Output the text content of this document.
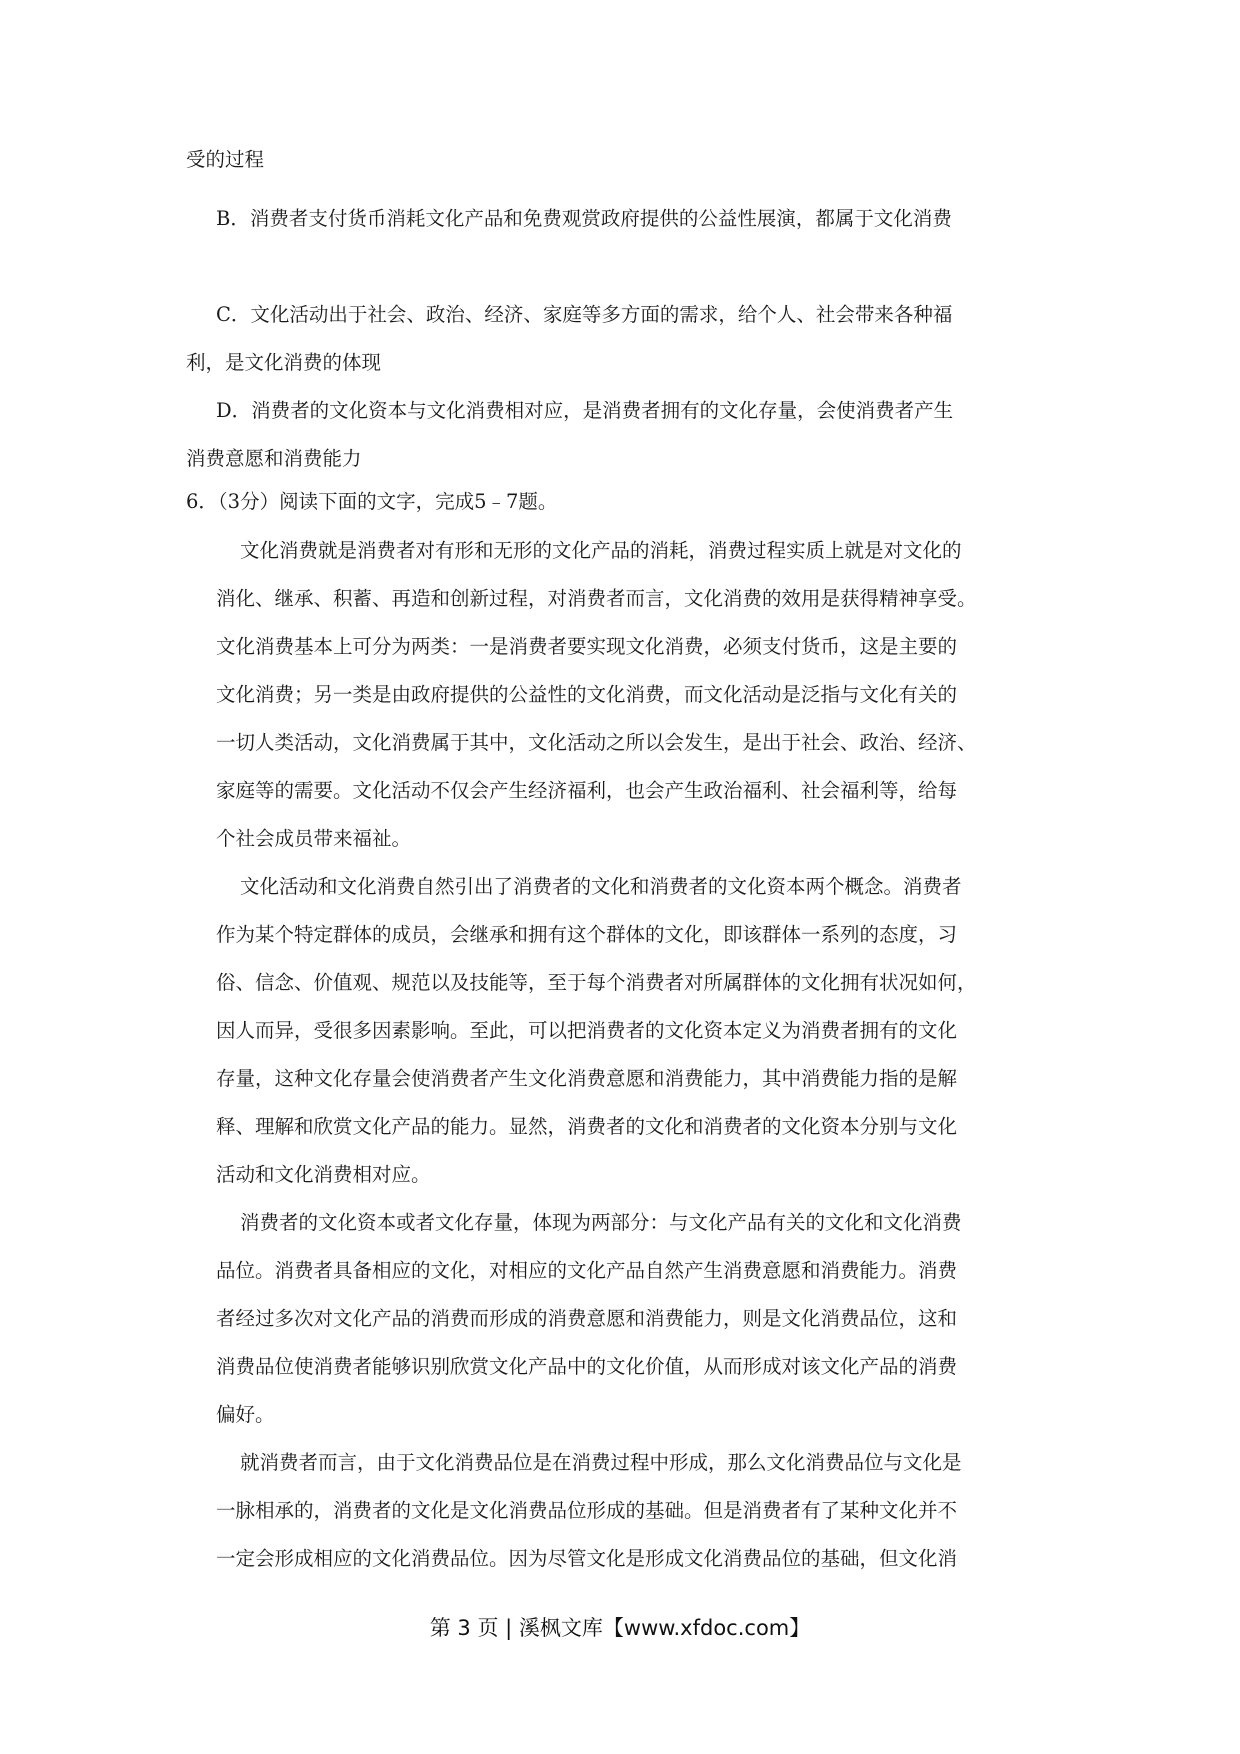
受的过程
B．消费者支付货币消耗文化产品和免费观赏政府提供的公益性展演，都属于文化消费
C．文化活动出于社会、政治、经济、家庭等多方面的需求，给个人、社会带来各种福
利，是文化消费的体现
D．消费者的文化资本与文化消费相对应，是消费者拥有的文化存量，会使消费者产生
消费意愿和消费能力
6．（3分）阅读下面的文字，完成5﹣7题。
文化消费就是消费者对有形和无形的文化产品的消耗，消费过程实质上就是对文化的
消化、继承、积蓄、再造和创新过程，对消费者而言，文化消费的效用是获得精神享受。
文化消费基本上可分为两类：一是消费者要实现文化消费，必须支付货币，这是主要的
文化消费；另一类是由政府提供的公益性的文化消费，而文化活动是泛指与文化有关的
一切人类活动，文化消费属于其中，文化活动之所以会发生，是出于社会、政治、经济、
家庭等的需要。文化活动不仅会产生经济福利，也会产生政治福利、社会福利等，给每
个社会成员带来福祉。
文化活动和文化消费自然引出了消费者的文化和消费者的文化资本两个概念。消费者
作为某个特定群体的成员，会继承和拥有这个群体的文化，即该群体一系列的态度，习
俗、信念、价值观、规范以及技能等，至于每个消费者对所属群体的文化拥有状况如何，
因人而异，受很多因素影响。至此，可以把消费者的文化资本定义为消费者拥有的文化
存量，这种文化存量会使消费者产生文化消费意愿和消费能力，其中消费能力指的是解
释、理解和欣赏文化产品的能力。显然，消费者的文化和消费者的文化资本分别与文化
活动和文化消费相对应。
消费者的文化资本或者文化存量，体现为两部分：与文化产品有关的文化和文化消费
品位。消费者具备相应的文化，对相应的文化产品自然产生消费意愿和消费能力。消费
者经过多次对文化产品的消费而形成的消费意愿和消费能力，则是文化消费品位，这和
消费品位使消费者能够识别欣赏文化产品中的文化价值，从而形成对该文化产品的消费
偏好。
就消费者而言，由于文化消费品位是在消费过程中形成，那么文化消费品位与文化是
一脉相承的，消费者的文化是文化消费品位形成的基础。但是消费者有了某种文化并不
一定会形成相应的文化消费品位。因为尽管文化是形成文化消费品位的基础，但文化消
第 3 页 | 溪枫文库【www.xfdoc.com】
